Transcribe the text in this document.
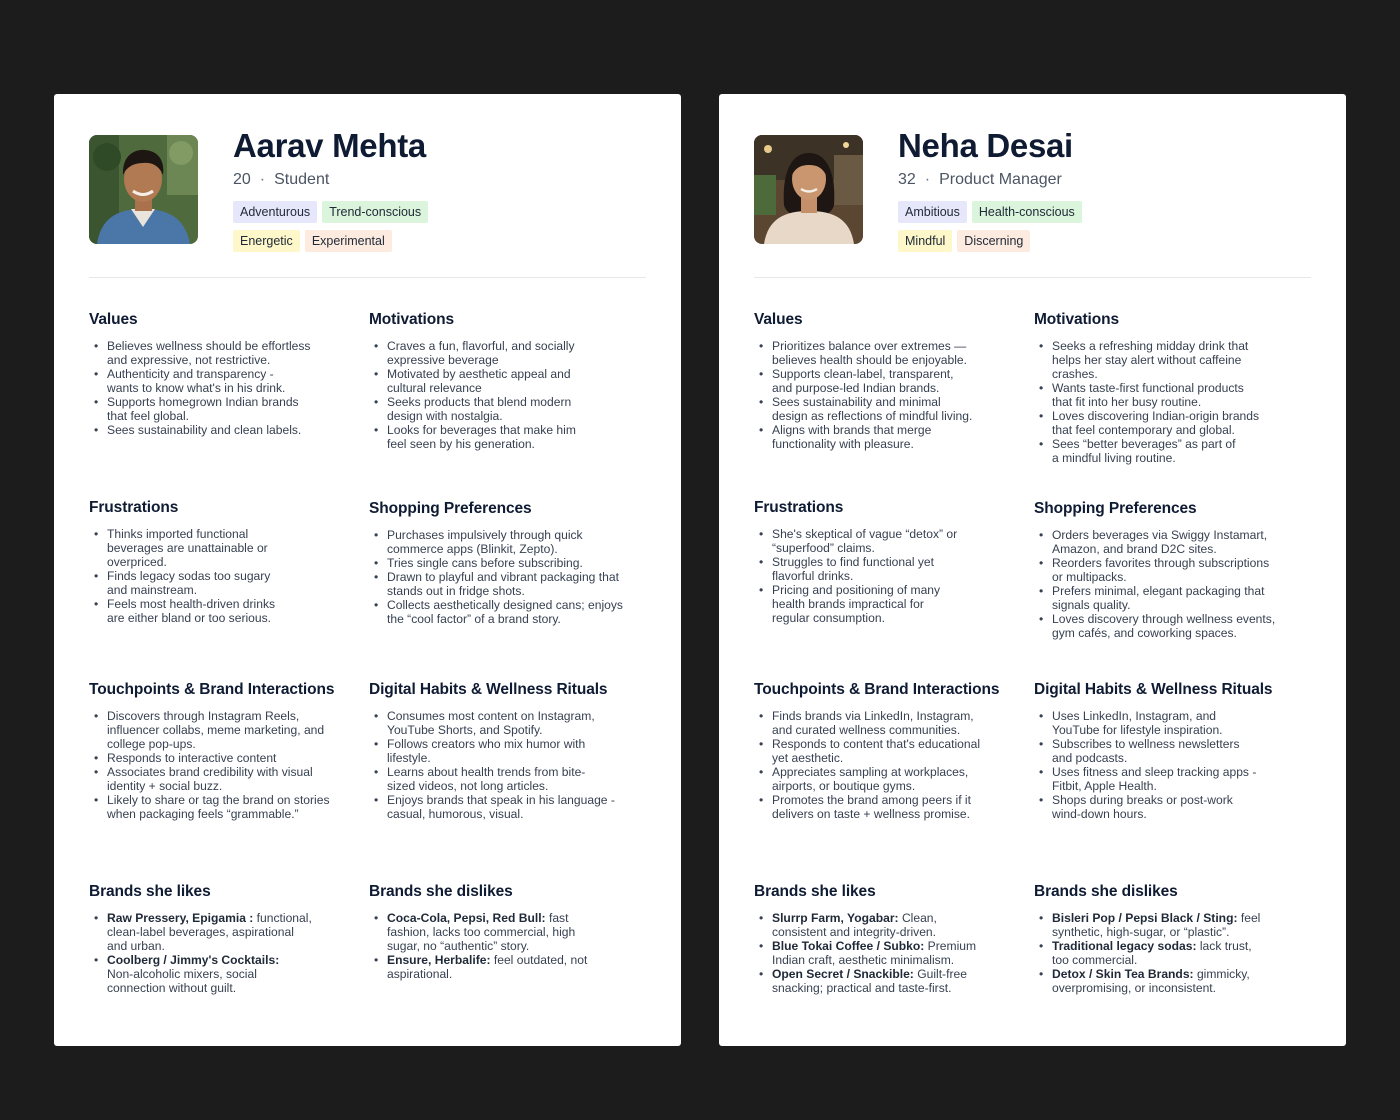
Aarav Mehta
20 · Student
Adventurous Trend-conscious
Energetic Experimental
Values
• Believes wellness should be effortless
and expressive, not restrictive.
• Authenticity and transparency -
wants to know what's in his drink.
• Supports homegrown Indian brands
that feel global.
• Sees sustainability and clean labels.
Motivations
• Craves a fun, flavorful, and socially
expressive beverage
• Motivated by aesthetic appeal and
cultural relevance
• Seeks products that blend modern
design with nostalgia.
• Looks for beverages that make him
feel seen by his generation.
Frustrations
• Thinks imported functional
beverages are unattainable or
overpriced.
• Finds legacy sodas too sugary
and mainstream.
• Feels most health-driven drinks
are either bland or too serious.
Shopping Preferences
• Purchases impulsively through quick
commerce apps (Blinkit, Zepto).
• Tries single cans before subscribing.
• Drawn to playful and vibrant packaging that
stands out in fridge shots.
• Collects aesthetically designed cans; enjoys
the “cool factor” of a brand story.
Touchpoints & Brand Interactions
• Discovers through Instagram Reels,
influencer collabs, meme marketing, and
college pop-ups.
• Responds to interactive content
• Associates brand credibility with visual
identity + social buzz.
• Likely to share or tag the brand on stories
when packaging feels “grammable.”
Digital Habits & Wellness Rituals
• Consumes most content on Instagram,
YouTube Shorts, and Spotify.
• Follows creators who mix humor with
lifestyle.
• Learns about health trends from bite-
sized videos, not long articles.
• Enjoys brands that speak in his language -
casual, humorous, visual.
Brands she likes
• Raw Pressery, Epigamia : functional,
clean-label beverages, aspirational
and urban.
• Coolberg / Jimmy's Cocktails:
Non-alcoholic mixers, social
connection without guilt.
Brands she dislikes
• Coca-Cola, Pepsi, Red Bull: fast
fashion, lacks too commercial, high
sugar, no “authentic” story.
• Ensure, Herbalife: feel outdated, not
aspirational.
Neha Desai
32 · Product Manager
Ambitious Health-conscious
Mindful Discerning
Values
• Prioritizes balance over extremes —
believes health should be enjoyable.
• Supports clean-label, transparent,
and purpose-led Indian brands.
• Sees sustainability and minimal
design as reflections of mindful living.
• Aligns with brands that merge
functionality with pleasure.
Motivations
• Seeks a refreshing midday drink that
helps her stay alert without caffeine
crashes.
• Wants taste-first functional products
that fit into her busy routine.
• Loves discovering Indian-origin brands
that feel contemporary and global.
• Sees “better beverages” as part of
a mindful living routine.
Frustrations
• She's skeptical of vague “detox” or
“superfood” claims.
• Struggles to find functional yet
flavorful drinks.
• Pricing and positioning of many
health brands impractical for
regular consumption.
Shopping Preferences
• Orders beverages via Swiggy Instamart,
Amazon, and brand D2C sites.
• Reorders favorites through subscriptions
or multipacks.
• Prefers minimal, elegant packaging that
signals quality.
• Loves discovery through wellness events,
gym cafés, and coworking spaces.
Touchpoints & Brand Interactions
• Finds brands via LinkedIn, Instagram,
and curated wellness communities.
• Responds to content that's educational
yet aesthetic.
• Appreciates sampling at workplaces,
airports, or boutique gyms.
• Promotes the brand among peers if it
delivers on taste + wellness promise.
Digital Habits & Wellness Rituals
• Uses LinkedIn, Instagram, and
YouTube for lifestyle inspiration.
• Subscribes to wellness newsletters
and podcasts.
• Uses fitness and sleep tracking apps -
Fitbit, Apple Health.
• Shops during breaks or post-work
wind-down hours.
Brands she likes
• Slurrp Farm, Yogabar: Clean,
consistent and integrity-driven.
• Blue Tokai Coffee / Subko: Premium
Indian craft, aesthetic minimalism.
• Open Secret / Snackible: Guilt-free
snacking; practical and taste-first.
Brands she dislikes
• Bisleri Pop / Pepsi Black / Sting: feel
synthetic, high-sugar, or “plastic”.
• Traditional legacy sodas: lack trust,
too commercial.
• Detox / Skin Tea Brands: gimmicky,
overpromising, or inconsistent.
